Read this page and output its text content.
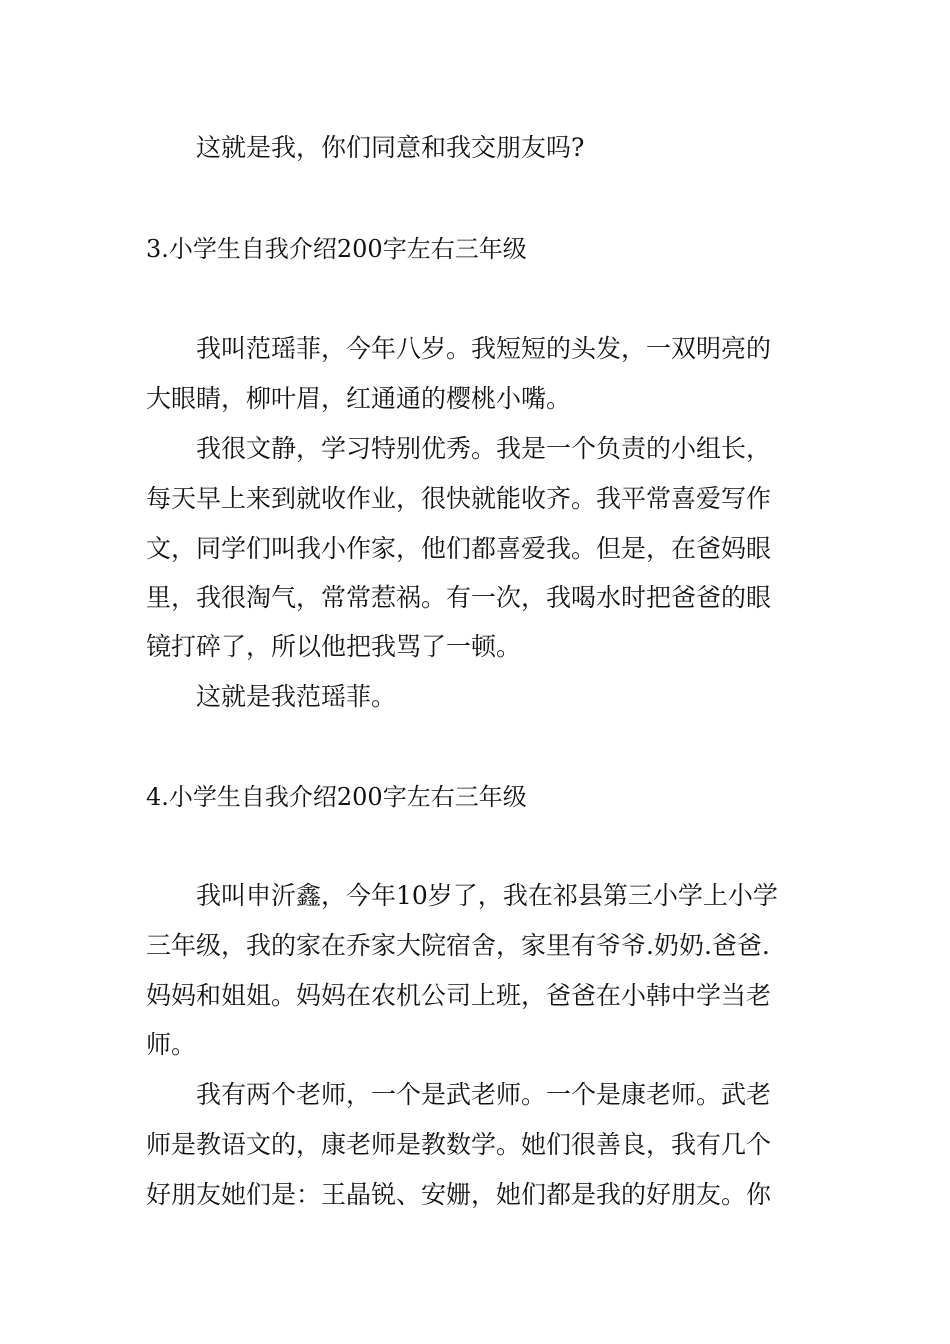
这就是我，你们同意和我交朋友吗?
3.小学生自我介绍200字左右三年级
我叫范瑶菲，今年八岁。我短短的头发，一双明亮的
大眼睛，柳叶眉，红通通的樱桃小嘴。
我很文静，学习特别优秀。我是一个负责的小组长，
每天早上来到就收作业，很快就能收齐。我平常喜爱写作
文，同学们叫我小作家，他们都喜爱我。但是，在爸妈眼
里，我很淘气，常常惹祸。有一次，我喝水时把爸爸的眼
镜打碎了，所以他把我骂了一顿。
这就是我范瑶菲。
4.小学生自我介绍200字左右三年级
我叫申沂鑫，今年10岁了，我在祁县第三小学上小学
三年级，我的家在乔家大院宿舍，家里有爷爷.奶奶.爸爸.
妈妈和姐姐。妈妈在农机公司上班，爸爸在小韩中学当老
师。
我有两个老师，一个是武老师。一个是康老师。武老
师是教语文的，康老师是教数学。她们很善良，我有几个
好朋友她们是：王晶锐、安姗，她们都是我的好朋友。你
